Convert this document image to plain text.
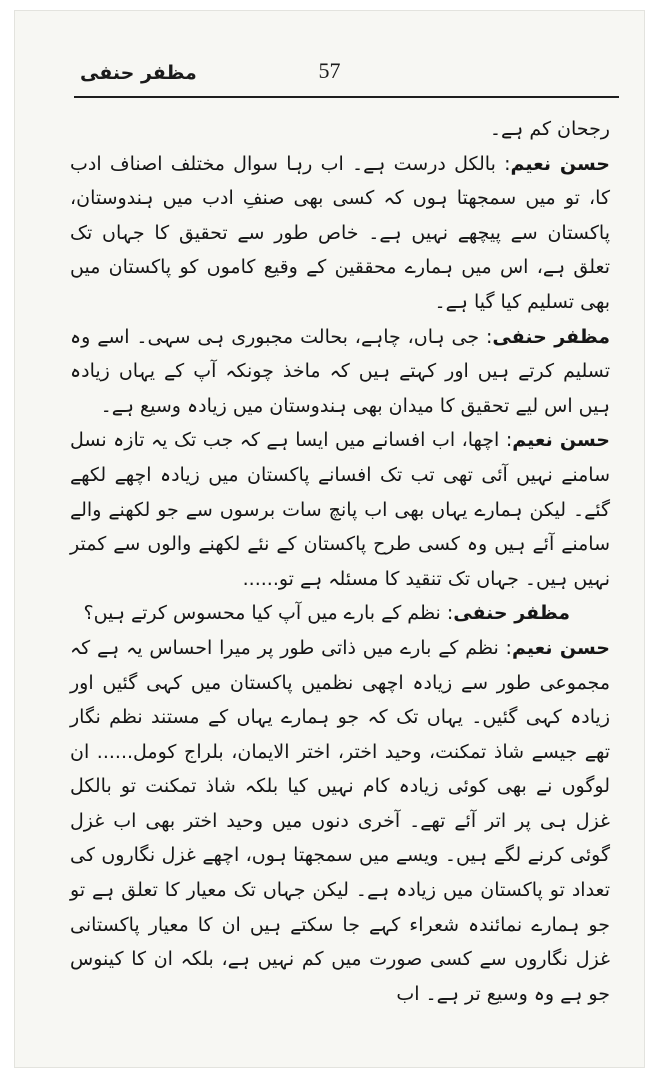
مظفر حنفی	57

رجحان کم ہے۔

حسن نعیم: بالکل درست ہے۔ اب رہا سوال مختلف اصناف ادب کا، تو میں سمجھتا ہوں کہ کسی بھی صنفِ ادب میں ہندوستان، پاکستان سے پیچھے نہیں ہے۔ خاص طور سے تحقیق کا جہاں تک تعلق ہے، اس میں ہمارے محققین کے وقیع کاموں کو پاکستان میں بھی تسلیم کیا گیا ہے۔

مظفر حنفی: جی ہاں، چاہے، بحالت مجبوری ہی سہی۔ اسے وہ تسلیم کرتے ہیں اور کہتے ہیں کہ ماخذ چونکہ آپ کے یہاں زیادہ ہیں اس لیے تحقیق کا میدان بھی ہندوستان میں زیادہ وسیع ہے۔

حسن نعیم: اچھا، اب افسانے میں ایسا ہے کہ جب تک یہ تازہ نسل سامنے نہیں آئی تھی تب تک افسانے پاکستان میں زیادہ اچھے لکھے گئے۔ لیکن ہمارے یہاں بھی اب پانچ سات برسوں سے جو لکھنے والے سامنے آئے ہیں وہ کسی طرح پاکستان کے نئے لکھنے والوں سے کمتر نہیں ہیں۔ جہاں تک تنقید کا مسئلہ ہے تو......

مظفر حنفی: نظم کے بارے میں آپ کیا محسوس کرتے ہیں؟

حسن نعیم: نظم کے بارے میں ذاتی طور پر میرا احساس یہ ہے کہ مجموعی طور سے زیادہ اچھی نظمیں پاکستان میں کہی گئیں اور زیادہ کہی گئیں۔ یہاں تک کہ جو ہمارے یہاں کے مستند نظم نگار تھے جیسے شاذ تمکنت، وحید اختر، اختر الایمان، بلراج کومل...... ان لوگوں نے بھی کوئی زیادہ کام نہیں کیا بلکہ شاذ تمکنت تو بالکل غزل ہی پر اتر آئے تھے۔ آخری دنوں میں وحید اختر بھی اب غزل گوئی کرنے لگے ہیں۔ ویسے میں سمجھتا ہوں، اچھے غزل نگاروں کی تعداد تو پاکستان میں زیادہ ہے۔ لیکن جہاں تک معیار کا تعلق ہے تو جو ہمارے نمائندہ شعراء کہے جا سکتے ہیں ان کا معیار پاکستانی غزل نگاروں سے کسی صورت میں کم نہیں ہے، بلکہ ان کا کینوس جو ہے وہ وسیع تر ہے۔ اب
